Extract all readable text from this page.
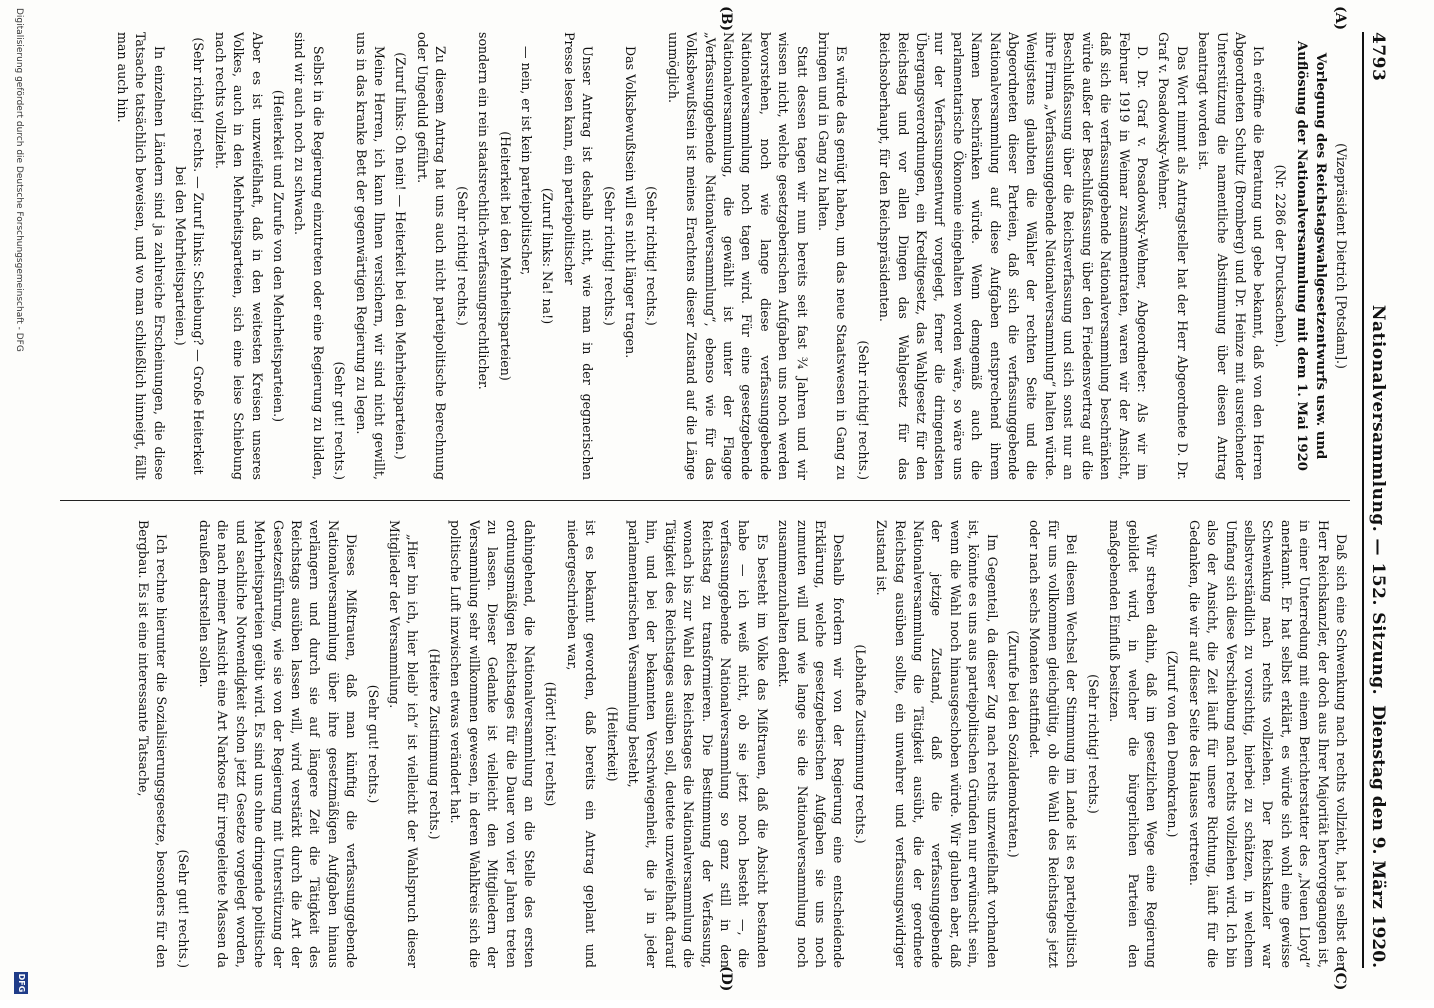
4793
Nationalversammlung. — 152. Sitzung.
Dienstag den 9. März 1920.
(A)
(B)
(C)
(D)

(Vizepräsident Dietrich [Potsdam].)

Vorlegung des Reichstagswahlgesetzentwurfs usw. und Auflösung der Nationalversammlung mit dem 1. Mai 1920

(Nr. 2286 der Drucksachen).

Ich eröffne die Beratung und gebe bekannt, daß von den Herren Abgeordneten Schultz (Bromberg) und Dr. Heinze mit ausreichender Unterstützung die namentliche Abstimmung über diesen Antrag beantragt worden ist.

Das Wort nimmt als Antragsteller hat der Herr Abgeordnete D. Dr. Graf v. Posadowsky-Wehner.

D. Dr. Graf v. Posadowsky-Wehner, Abgeordneter: Als wir im Februar 1919 in Weimar zusammentraten, waren wir der Ansicht, daß sich die verfassunggebende Nationalversammlung beschränken würde außer der Beschlußfassung über den Friedensvertrag auf die Beschlußfassung über die Reichsverfassung und sich sonst nur an ihre Firma „Verfassunggebende Nationalversammlung“ halten würde. Wenigstens glaubten die Wähler der rechten Seite und die Abgeordneten dieser Parteien, daß sich die verfassunggebende Nationalversammlung auf diese Aufgaben entsprechend ihrem Namen beschränken würde. Wenn demgemäß auch die parlamentarische Ökonomie eingehalten worden wäre, so wäre uns nur der Verfassungsentwurf vorgelegt, ferner die dringendsten Übergangsverordnungen, ein Kreditgesetz, das Wahlgesetz für den Reichstag und vor allen Dingen das Wahlgesetz für das Reichsoberhaupt, für den Reichspräsidenten.

(Sehr richtig! rechts.)

Es würde das genügt haben, um das neue Staatswesen in Gang zu bringen und in Gang zu halten.

Statt dessen tagen wir nun bereits seit fast ¾ Jahren und wir wissen nicht, welche gesetzgeberischen Aufgaben uns noch werden bevorstehen, noch wie lange diese verfassunggebende Nationalversammlung noch tagen wird. Für eine gesetzgebende Nationalversammlung, die gewählt ist unter der Flagge „Verfassunggebende Nationalversammlung“, ebenso wie für das Volksbewußtsein ist meines Erachtens dieser Zustand auf die Länge unmöglich.

(Sehr richtig! rechts.)

Das Volksbewußtsein will es nicht länger tragen.

(Sehr richtig! rechts.)

Unser Antrag ist deshalb nicht, wie man in der gegnerischen Presse lesen kann, ein parteipolitischer

(Zuruf links: Na! na!)

— nein, er ist kein parteipolitischer,

(Heiterkeit bei den Mehrheitsparteien)

sondern ein rein staatsrechtlich-verfassungsrechtlicher.

(Sehr richtig! rechts.)

Zu diesem Antrag hat uns auch nicht parteipolitische Berechnung oder Ungeduld geführt.

(Zuruf links: Oh nein! — Heiterkeit bei den Mehrheitsparteien.)

Meine Herren, ich kann Ihnen versichern, wir sind nicht gewillt, uns in das kranke Bett der gegenwärtigen Regierung zu legen.

(Sehr gut! rechts.)

Selbst in die Regierung einzutreten oder eine Regierung zu bilden, sind wir auch noch zu schwach.

(Heiterkeit und Zurufe von den Mehrheitsparteien.)

Aber es ist unzweifelhaft, daß in den weitesten Kreisen unseres Volkes, auch in den Mehrheitsparteien, sich eine leise Schiebung nach rechts vollzieht.

(Sehr richtig! rechts. — Zuruf links: Schiebung? — Große Heiterkeit bei den Mehrheitsparteien.)

In einzelnen Ländern sind ja zahlreiche Erscheinungen, die diese Tatsache tatsächlich beweisen, und wo man schließlich hinneigt, fällt man auch hin.

Daß sich eine Schwenkung nach rechts vollzieht, hat ja selbst der Herr Reichskanzler, der doch aus Ihrer Majorität hervorgegangen ist, in einer Unterredung mit einem Berichterstatter des „Neuen Lloyd“ anerkannt. Er hat selbst erklärt, es würde sich wohl eine gewisse Schwenkung nach rechts vollziehen. Der Reichskanzler war selbstverständlich zu vorsichtig, hierbei zu schätzen, in welchem Umfang sich diese Verschiebung nach rechts vollziehen wird. Ich bin also der Ansicht, die Zeit läuft für unsere Richtung, läuft für die Gedanken, die wir auf dieser Seite des Hauses vertreten.

(Zuruf von den Demokraten.)

Wir streben dahin, daß im gesetzlichen Wege eine Regierung gebildet wird, in welcher die bürgerlichen Parteien den maßgebenden Einfluß besitzen.

(Sehr richtig! rechts.)

Bei diesem Wechsel der Stimmung im Lande ist es parteipolitisch für uns vollkommen gleichgültig, ob die Wahl des Reichstages jetzt oder nach sechs Monaten stattfindet.

(Zurufe bei den Sozialdemokraten.)

Im Gegenteil, da dieser Zug nach rechts unzweifelhaft vorhanden ist, könnte es uns aus parteipolitischen Gründen nur erwünscht sein, wenn die Wahl noch hinausgeschoben würde. Wir glauben aber, daß der jetzige Zustand, daß die verfassunggebende Nationalversammlung die Tätigkeit ausübt, die der geordnete Reichstag ausüben sollte, ein unwahrer und verfassungswidriger Zustand ist.

(Lebhafte Zustimmung rechts.)

Deshalb fordern wir von der Regierung eine entscheidende Erklärung, welche gesetzgeberischen Aufgaben sie uns noch zumuten will und wie lange sie die Nationalversammlung noch zusammenzuhalten denkt.

Es besteht im Volke das Mißtrauen, daß die Absicht bestanden habe — ich weiß nicht, ob sie jetzt noch besteht —, die verfassunggebende Nationalversammlung so ganz still in den Reichstag zu transformieren. Die Bestimmung der Verfassung, wonach bis zur Wahl des Reichstages die Nationalversammlung die Tätigkeit des Reichstages ausüben soll, deutete unzweifelhaft darauf hin, und bei der bekannten Verschwiegenheit, die ja in jeder parlamentarischen Versammlung besteht,

(Heiterkeit)

ist es bekannt geworden, daß bereits ein Antrag geplant und niedergeschrieben war,

(Hört! hört! rechts)

dahingehend, die Nationalversammlung an die Stelle des ersten ordnungsmäßigen Reichstages für die Dauer von vier Jahren treten zu lassen. Dieser Gedanke ist vielleicht den Mitgliedern der Versammlung sehr willkommen gewesen, in deren Wahlkreis sich die politische Luft inzwischen etwas verändert hat.

(Heitere Zustimmung rechts.)

„Hier bin ich, hier bleib' ich“ ist vielleicht der Wahlspruch dieser Mitglieder der Versammlung.

(Sehr gut! rechts.)

Dieses Mißtrauen, daß man künftig die verfassunggebende Nationalversammlung über ihre gesetzmäßigen Aufgaben hinaus verlängern und durch sie auf längere Zeit die Tätigkeit des Reichstags ausüben lassen will, wird verstärkt durch die Art der Gesetzesführung, wie sie von der Regierung mit Unterstützung der Mehrheitsparteien geübt wird. Es sind uns ohne dringende politische und sachliche Notwendigkeit schon jetzt Gesetze vorgelegt worden, die nach meiner Ansicht eine Art Narkose für irregeleitete Massen da draußen darstellen sollen.

(Sehr gut! rechts.)

Ich rechne hierunter die Sozialisierungsgesetze, besonders für den Bergbau. Es ist eine interessante Tatsache,

Digitalisierung gefördert durch die Deutsche Forschungsgemeinschaft - DFG
DFG
